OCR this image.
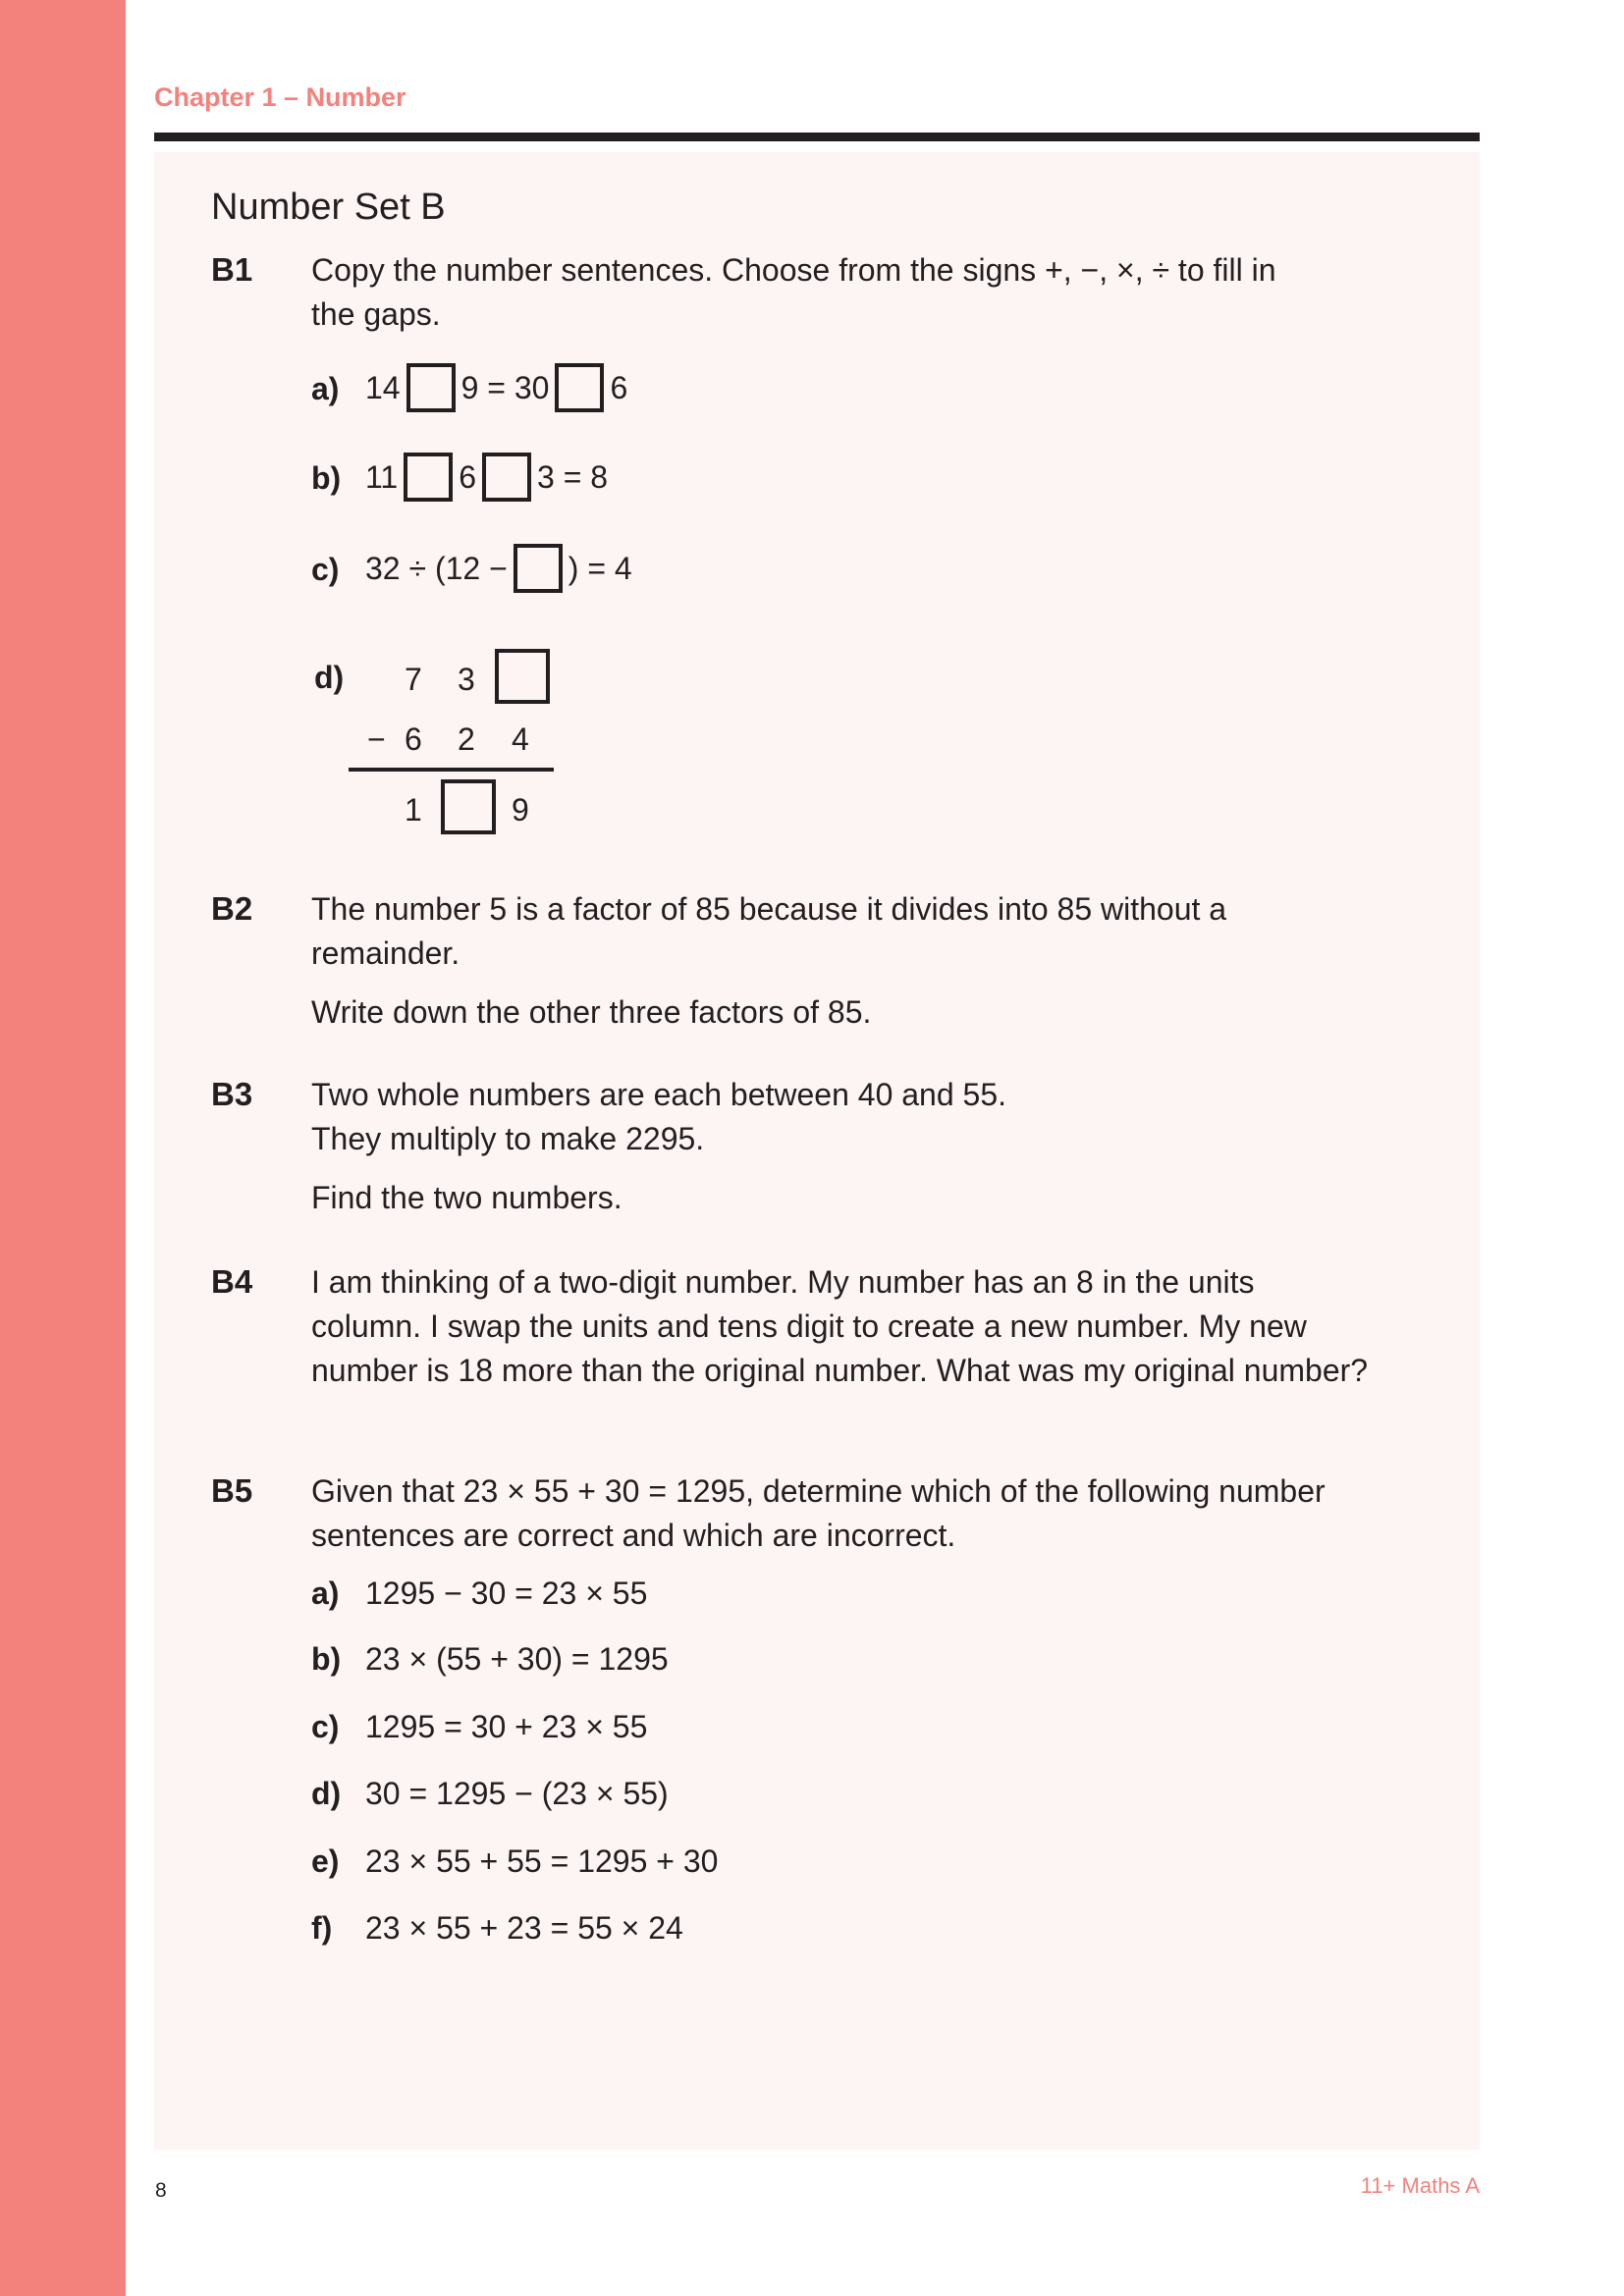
Chapter 1 – Number
Number Set B
B1 Copy the number sentences. Choose from the signs +, −, ×, ÷ to fill in
the gaps.
a) 14 9 = 30 6
b) 11 6 3 = 8
c) 32 ÷ (12 − ) = 4
d) 7 3
− 6 2 4
1	9
B2 The number 5 is a factor of 85 because it divides into 85 without a
remainder.
Write down the other three factors of 85.
B3 Two whole numbers are each between 40 and 55.
They multiply to make 2295.
Find the two numbers.
B4 I am thinking of a two-digit number. My number has an 8 in the units
column. I swap the units and tens digit to create a new number. My new
number is 18 more than the original number. What was my original number?
B5 Given that 23 × 55 + 30 = 1295, determine which of the following number
sentences are correct and which are incorrect.
a) 1295 − 30 = 23 × 55
b) 23 × (55 + 30) = 1295
c) 1295 = 30 + 23 × 55
d) 30 = 1295 − (23 × 55)
e) 23 × 55 + 55 = 1295 + 30
f) 23 × 55 + 23 = 55 × 24
8	11+ Maths A
